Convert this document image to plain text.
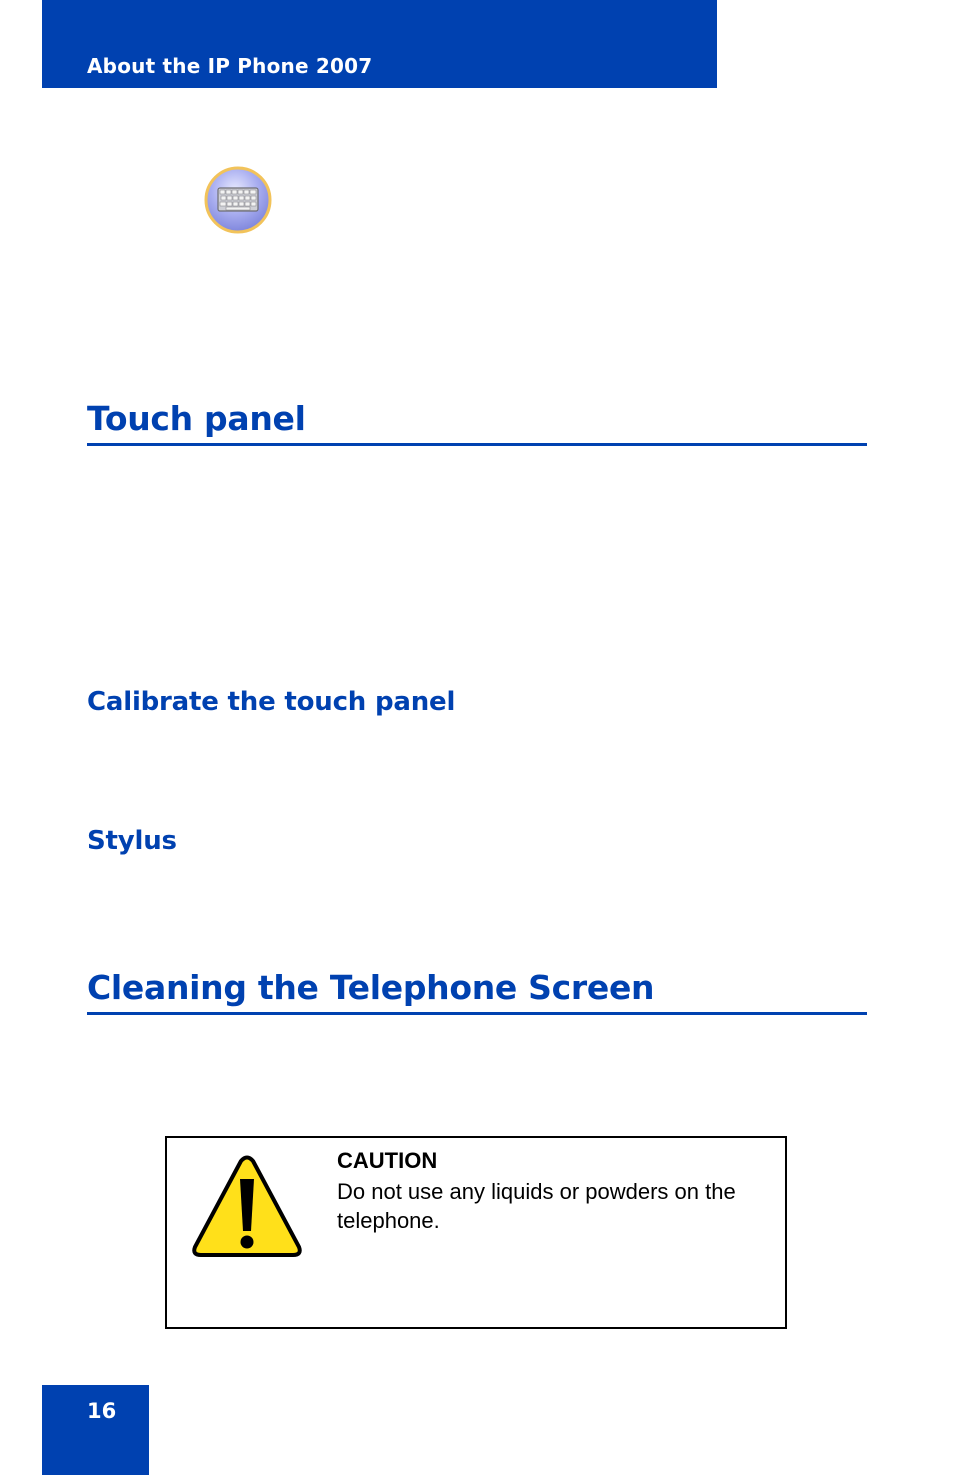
About the IP Phone 2007
Touch panel
Calibrate the touch panel
Stylus
Cleaning the Telephone Screen
CAUTION
Do not use any liquids or powders on the telephone.
16
